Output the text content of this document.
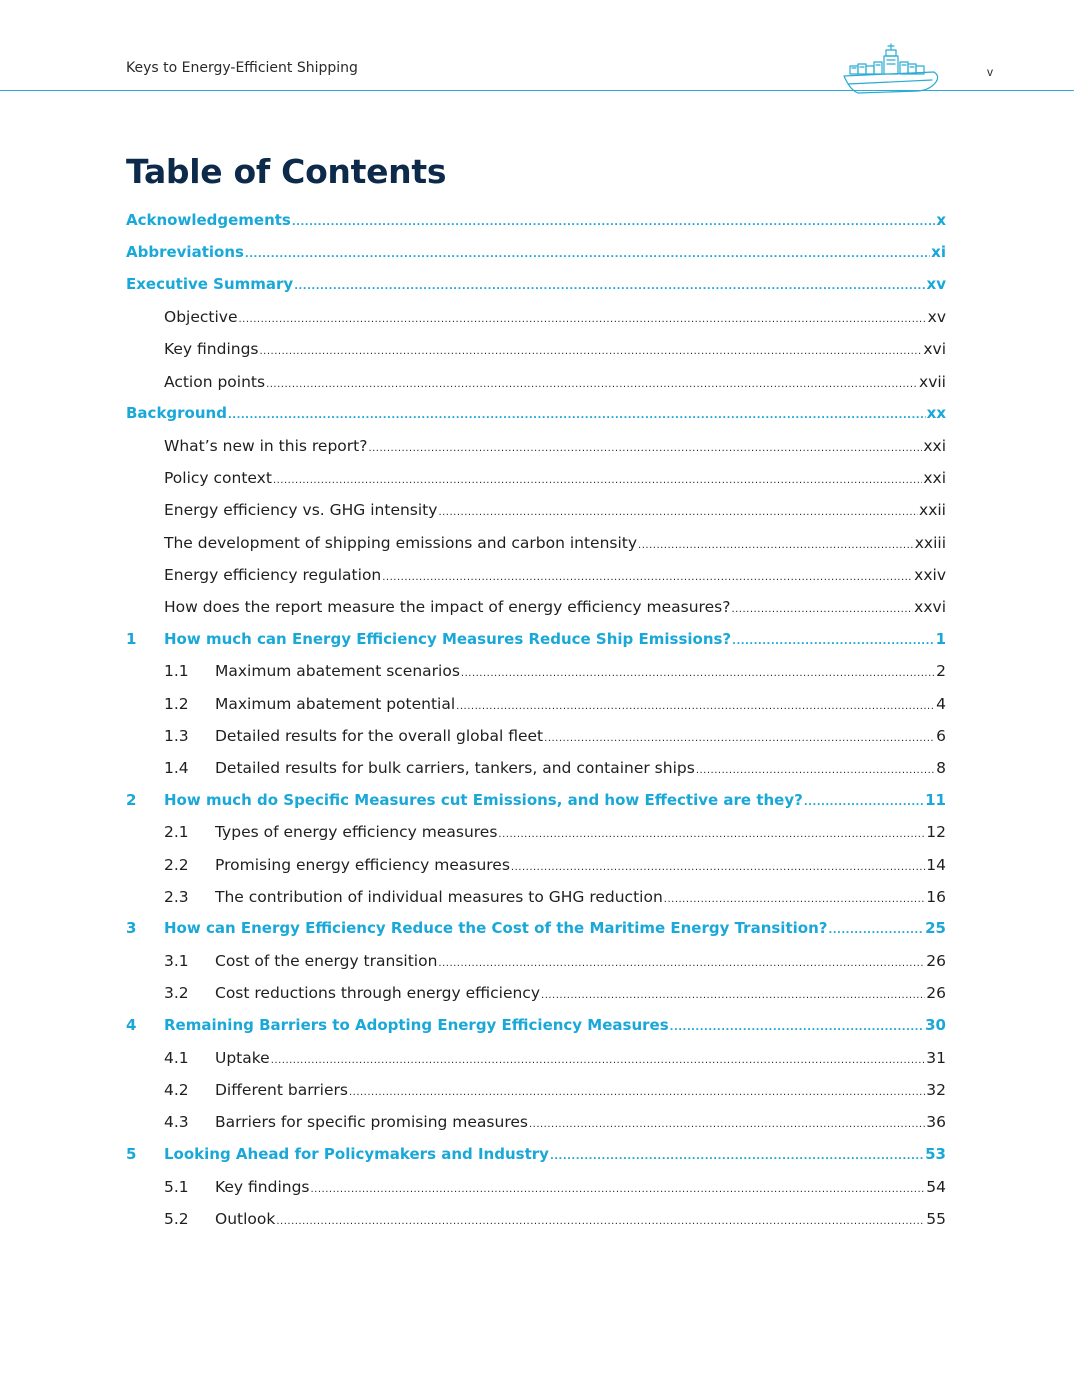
Keys to Energy-Efficient Shipping	v
Table of Contents
Acknowledgements .....	x
Abbreviations .....	xi
Executive Summary .....	xv
Objective .....	xv
Key findings .....	xvi
Action points .....	xvii
Background .....	xx
What’s new in this report? .....	xxi
Policy context .....	xxi
Energy efficiency vs. GHG intensity .....	xxii
The development of shipping emissions and carbon intensity .....	xxiii
Energy efficiency regulation .....	xxiv
How does the report measure the impact of energy efficiency measures? .....	xxvi
1	How much can Energy Efficiency Measures Reduce Ship Emissions? .....	1
1.1	Maximum abatement scenarios .....	2
1.2	Maximum abatement potential .....	4
1.3	Detailed results for the overall global fleet .....	6
1.4	Detailed results for bulk carriers, tankers, and container ships .....	8
2	How much do Specific Measures cut Emissions, and how Effective are they? .....	11
2.1	Types of energy efficiency measures .....	12
2.2	Promising energy efficiency measures .....	14
2.3	The contribution of individual measures to GHG reduction .....	16
3	How can Energy Efficiency Reduce the Cost of the Maritime Energy Transition? .....	25
3.1	Cost of the energy transition .....	26
3.2	Cost reductions through energy efficiency .....	26
4	Remaining Barriers to Adopting Energy Efficiency Measures .....	30
4.1	Uptake .....	31
4.2	Different barriers .....	32
4.3	Barriers for specific promising measures .....	36
5	Looking Ahead for Policymakers and Industry .....	53
5.1	Key findings .....	54
5.2	Outlook .....	55
